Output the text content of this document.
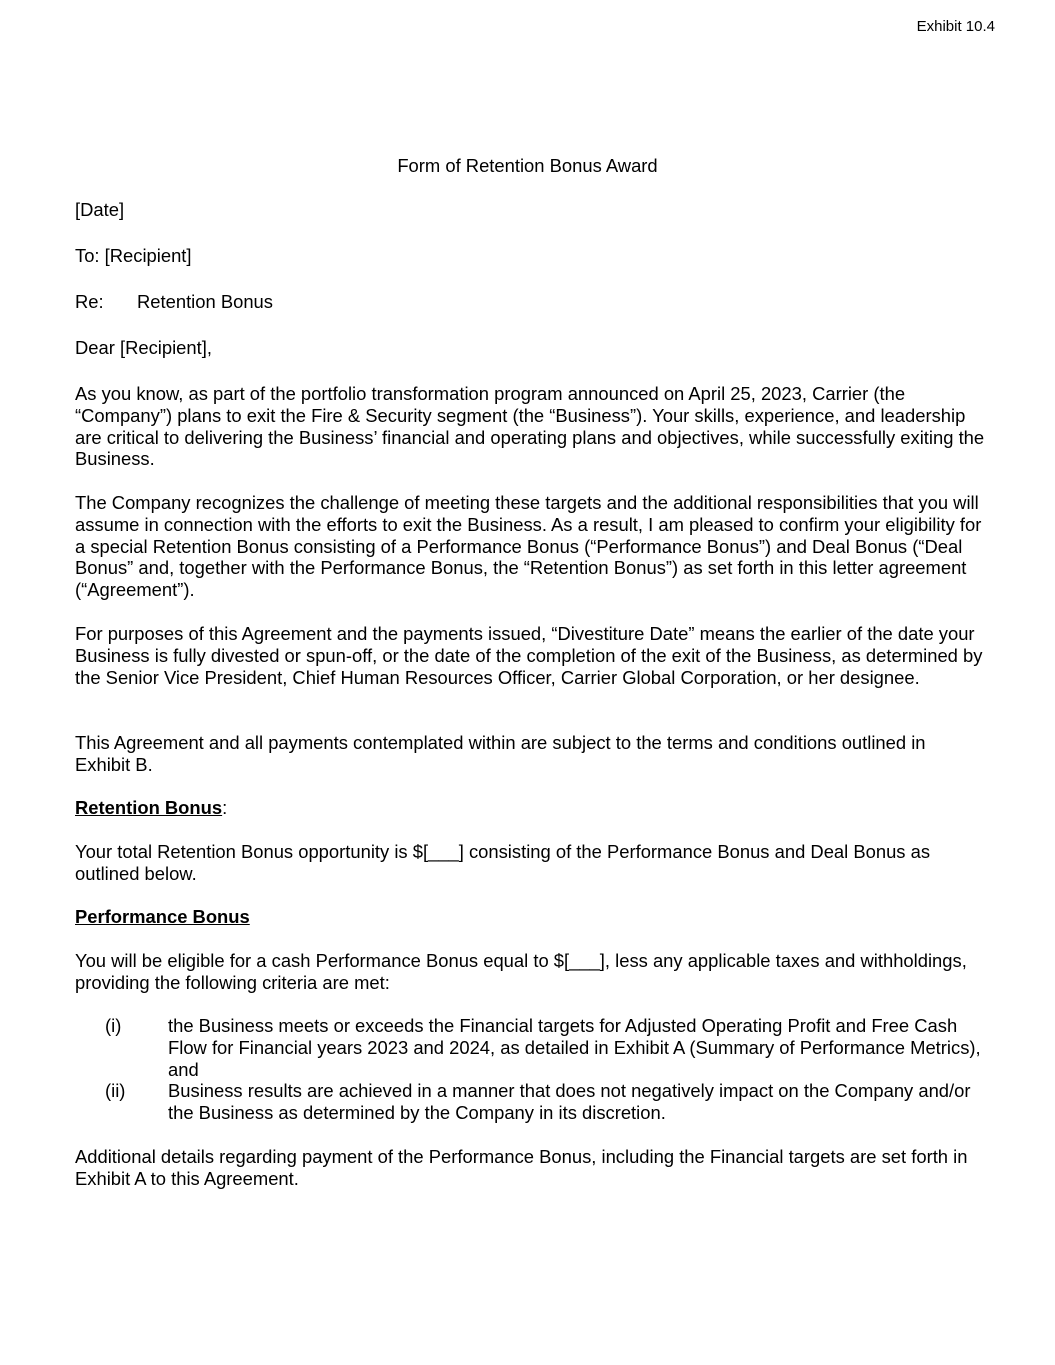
Exhibit 10.4
Form of Retention Bonus Award

[Date]

To: [Recipient]

Re: Retention Bonus

Dear [Recipient],

As you know, as part of the portfolio transformation program announced on April 25, 2023, Carrier (the “Company”) plans to exit the Fire & Security segment (the “Business”). Your skills, experience, and leadership are critical to delivering the Business’ financial and operating plans and objectives, while successfully exiting the Business.

The Company recognizes the challenge of meeting these targets and the additional responsibilities that you will assume in connection with the efforts to exit the Business. As a result, I am pleased to confirm your eligibility for a special Retention Bonus consisting of a Performance Bonus (“Performance Bonus”) and Deal Bonus (“Deal Bonus” and, together with the Performance Bonus, the “Retention Bonus”) as set forth in this letter agreement (“Agreement”).

For purposes of this Agreement and the payments issued, “Divestiture Date” means the earlier of the date your Business is fully divested or spun-off, or the date of the completion of the exit of the Business, as determined by the Senior Vice President, Chief Human Resources Officer, Carrier Global Corporation, or her designee.

This Agreement and all payments contemplated within are subject to the terms and conditions outlined in Exhibit B.

Retention Bonus:

Your total Retention Bonus opportunity is $[___] consisting of the Performance Bonus and Deal Bonus as outlined below.

Performance Bonus

You will be eligible for a cash Performance Bonus equal to $[___], less any applicable taxes and withholdings, providing the following criteria are met:

(i)	the Business meets or exceeds the Financial targets for Adjusted Operating Profit and Free Cash Flow for Financial years 2023 and 2024, as detailed in Exhibit A (Summary of Performance Metrics), and
(ii) Business results are achieved in a manner that does not negatively impact on the Company and/or the Business as determined by the Company in its discretion.

Additional details regarding payment of the Performance Bonus, including the Financial targets are set forth in Exhibit A to this Agreement.
